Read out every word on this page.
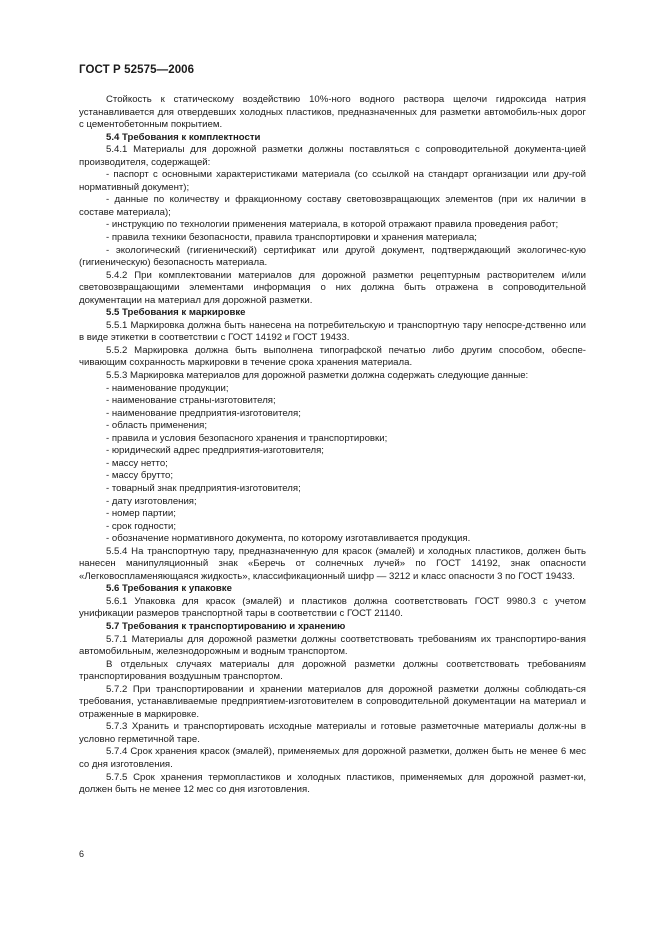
ГОСТ Р 52575—2006

Стойкость к статическому воздействию 10%-ного водного раствора щелочи гидроксида натрия устанавливается для отвердевших холодных пластиков, предназначенных для разметки автомобиль-ных дорог с цементобетонным покрытием.

5.4 Требования к комплектности

5.4.1 Материалы для дорожной разметки должны поставляться с сопроводительной документа-цией производителя, содержащей:

- паспорт с основными характеристиками материала (со ссылкой на стандарт организации или дру-гой нормативный документ);

- данные по количеству и фракционному составу световозвращающих элементов (при их наличии в составе материала);

- инструкцию по технологии применения материала, в которой отражают правила проведения работ;

- правила техники безопасности, правила транспортировки и хранения материала;

- экологический (гигиенический) сертификат или другой документ, подтверждающий экологичес-кую (гигиеническую) безопасность материала.

5.4.2 При комплектовании материалов для дорожной разметки рецептурным растворителем и/или световозвращающими элементами информация о них должна быть отражена в сопроводительной документации на материал для дорожной разметки.

5.5 Требования к маркировке

5.5.1 Маркировка должна быть нанесена на потребительскую и транспортную тару непосре-дственно или в виде этикетки в соответствии с ГОСТ 14192 и ГОСТ 19433.

5.5.2 Маркировка должна быть выполнена типографской печатью либо другим способом, обеспе-чивающим сохранность маркировки в течение срока хранения материала.

5.5.3 Маркировка материалов для дорожной разметки должна содержать следующие данные:

- наименование продукции;

- наименование страны-изготовителя;

- наименование предприятия-изготовителя;

- область применения;

- правила и условия безопасного хранения и транспортировки;

- юридический адрес предприятия-изготовителя;

- массу нетто;

- массу брутто;

- товарный знак предприятия-изготовителя;

- дату изготовления;

- номер партии;

- срок годности;

- обозначение нормативного документа, по которому изготавливается продукция.

5.5.4 На транспортную тару, предназначенную для красок (эмалей) и холодных пластиков, должен быть нанесен манипуляционный знак «Беречь от солнечных лучей» по ГОСТ 14192, знак опасности «Легковоспламеняющаяся жидкость», классификационный шифр — 3212 и класс опасности 3 по ГОСТ 19433.

5.6 Требования к упаковке

5.6.1 Упаковка для красок (эмалей) и пластиков должна соответствовать ГОСТ 9980.3 с учетом унификации размеров транспортной тары в соответствии с ГОСТ 21140.

5.7 Требования к транспортированию и хранению

5.7.1 Материалы для дорожной разметки должны соответствовать требованиям их транспортиро-вания автомобильным, железнодорожным и водным транспортом.

В отдельных случаях материалы для дорожной разметки должны соответствовать требованиям транспортирования воздушным транспортом.

5.7.2 При транспортировании и хранении материалов для дорожной разметки должны соблюдать-ся требования, устанавливаемые предприятием-изготовителем в сопроводительной документации на материал и отраженные в маркировке.

5.7.3 Хранить и транспортировать исходные материалы и готовые разметочные материалы долж-ны в условно герметичной таре.

5.7.4 Срок хранения красок (эмалей), применяемых для дорожной разметки, должен быть не менее 6 мес со дня изготовления.

5.7.5 Срок хранения термопластиков и холодных пластиков, применяемых для дорожной размет-ки, должен быть не менее 12 мес со дня изготовления.

6
